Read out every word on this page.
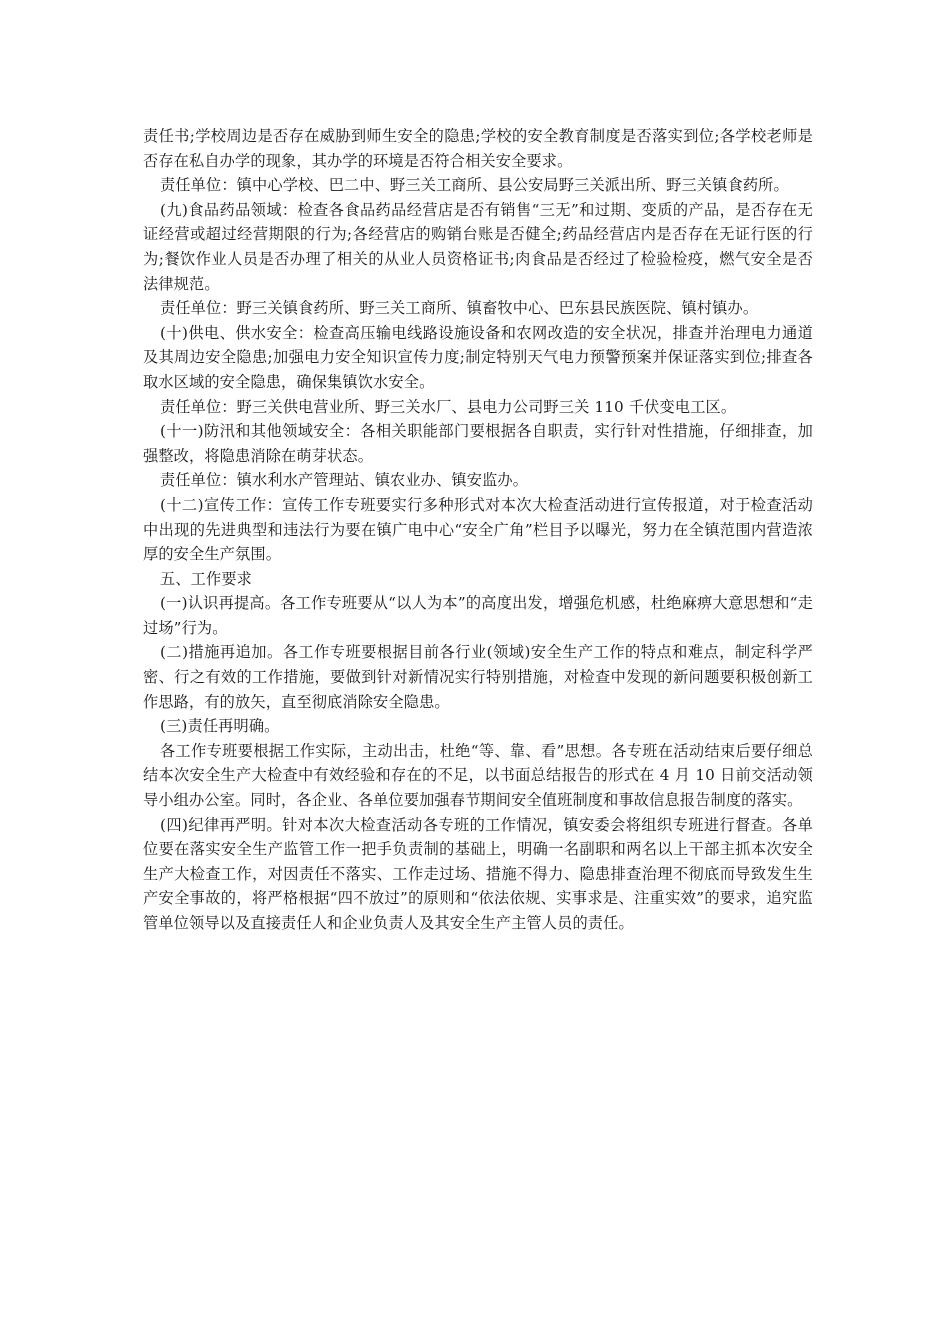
责任书;学校周边是否存在威胁到师生安全的隐患;学校的安全教育制度是否落实到位;各学校老师是否存在私自办学的现象，其办学的环境是否符合相关安全要求。

责任单位：镇中心学校、巴二中、野三关工商所、县公安局野三关派出所、野三关镇食药所。

(九)食品药品领域：检查各食品药品经营店是否有销售“三无”和过期、变质的产品，是否存在无证经营或超过经营期限的行为;各经营店的购销台账是否健全;药品经营店内是否存在无证行医的行为;餐饮作业人员是否办理了相关的从业人员资格证书;肉食品是否经过了检验检疫，燃气安全是否法律规范。

责任单位：野三关镇食药所、野三关工商所、镇畜牧中心、巴东县民族医院、镇村镇办。

(十)供电、供水安全：检查高压输电线路设施设备和农网改造的安全状况，排查并治理电力通道及其周边安全隐患;加强电力安全知识宣传力度;制定特别天气电力预警预案并保证落实到位;排查各取水区域的安全隐患，确保集镇饮水安全。

责任单位：野三关供电营业所、野三关水厂、县电力公司野三关 110 千伏变电工区。

(十一)防汛和其他领域安全：各相关职能部门要根据各自职责，实行针对性措施，仔细排查，加强整改，将隐患消除在萌芽状态。

责任单位：镇水利水产管理站、镇农业办、镇安监办。

(十二)宣传工作：宣传工作专班要实行多种形式对本次大检查活动进行宣传报道，对于检查活动中出现的先进典型和违法行为要在镇广电中心“安全广角”栏目予以曝光，努力在全镇范围内营造浓厚的安全生产氛围。

五、工作要求

(一)认识再提高。各工作专班要从“以人为本”的高度出发，增强危机感，杜绝麻痹大意思想和“走过场”行为。

(二)措施再追加。各工作专班要根据目前各行业(领域)安全生产工作的特点和难点，制定科学严密、行之有效的工作措施，要做到针对新情况实行特别措施，对检查中发现的新问题要积极创新工作思路，有的放矢，直至彻底消除安全隐患。

(三)责任再明确。

各工作专班要根据工作实际，主动出击，杜绝“等、靠、看”思想。各专班在活动结束后要仔细总结本次安全生产大检查中有效经验和存在的不足，以书面总结报告的形式在 4 月 10 日前交活动领导小组办公室。同时，各企业、各单位要加强春节期间安全值班制度和事故信息报告制度的落实。

(四)纪律再严明。针对本次大检查活动各专班的工作情况，镇安委会将组织专班进行督查。各单位要在落实安全生产监管工作一把手负责制的基础上，明确一名副职和两名以上干部主抓本次安全生产大检查工作，对因责任不落实、工作走过场、措施不得力、隐患排查治理不彻底而导致发生生产安全事故的，将严格根据“四不放过”的原则和“依法依规、实事求是、注重实效”的要求，追究监管单位领导以及直接责任人和企业负责人及其安全生产主管人员的责任。
